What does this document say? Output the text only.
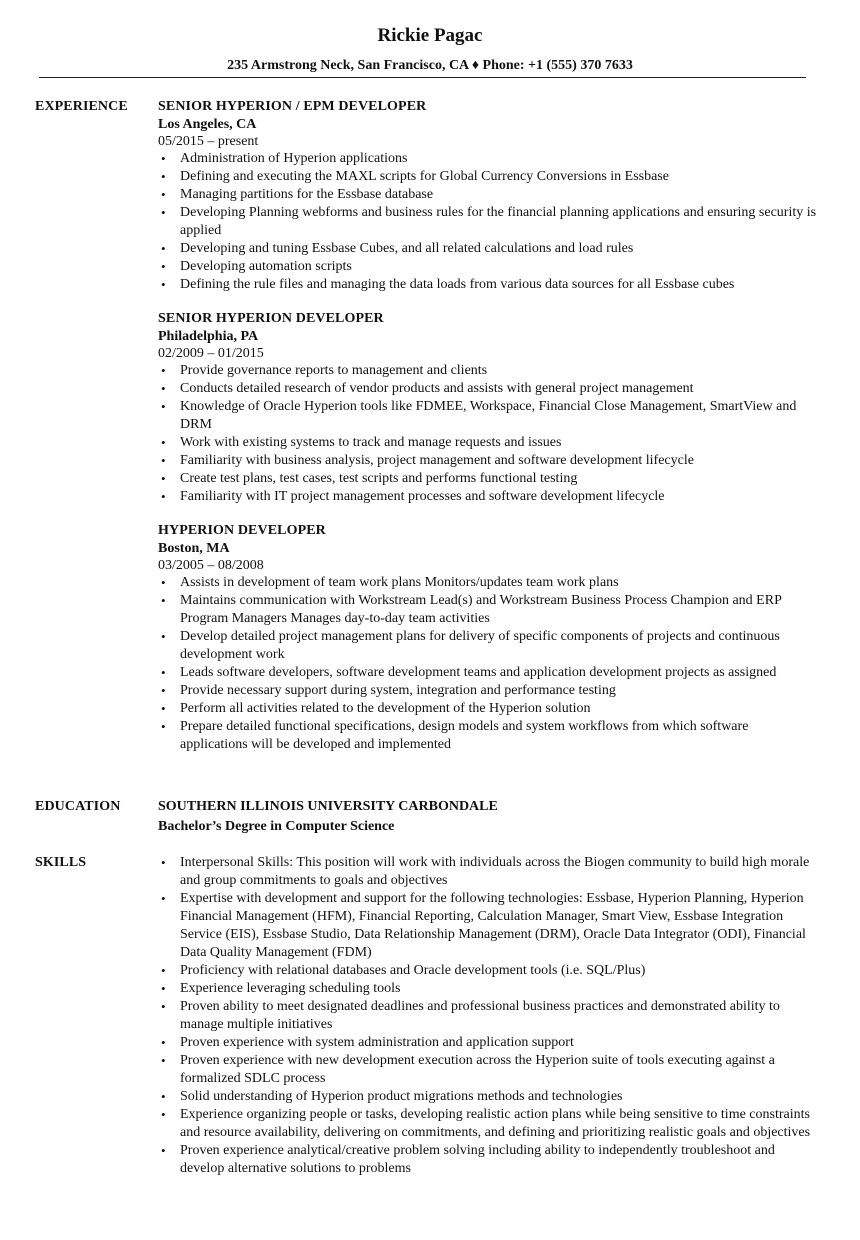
Rickie Pagac
235 Armstrong Neck, San Francisco, CA ♦ Phone: +1 (555) 370 7633
EXPERIENCE SENIOR HYPERION / EPM DEVELOPER
Los Angeles, CA
05/2015 – present
• Administration of Hyperion applications
• Defining and executing the MAXL scripts for Global Currency Conversions in Essbase
• Managing partitions for the Essbase database
• Developing Planning webforms and business rules for the financial planning applications and ensuring security is applied
• Developing and tuning Essbase Cubes, and all related calculations and load rules
• Developing automation scripts
• Defining the rule files and managing the data loads from various data sources for all Essbase cubes
SENIOR HYPERION DEVELOPER
Philadelphia, PA
02/2009 – 01/2015
• Provide governance reports to management and clients
• Conducts detailed research of vendor products and assists with general project management
• Knowledge of Oracle Hyperion tools like FDMEE, Workspace, Financial Close Management, SmartView and DRM
• Work with existing systems to track and manage requests and issues
• Familiarity with business analysis, project management and software development lifecycle
• Create test plans, test cases, test scripts and performs functional testing
• Familiarity with IT project management processes and software development lifecycle
HYPERION DEVELOPER
Boston, MA
03/2005 – 08/2008
• Assists in development of team work plans Monitors/updates team work plans
• Maintains communication with Workstream Lead(s) and Workstream Business Process Champion and ERP Program Managers Manages day-to-day team activities
• Develop detailed project management plans for delivery of specific components of projects and continuous development work
• Leads software developers, software development teams and application development projects as assigned
• Provide necessary support during system, integration and performance testing
• Perform all activities related to the development of the Hyperion solution
• Prepare detailed functional specifications, design models and system workflows from which software applications will be developed and implemented
EDUCATION	SOUTHERN ILLINOIS UNIVERSITY CARBONDALE
Bachelor’s Degree in Computer Science
SKILLS	• Interpersonal Skills: This position will work with individuals across the Biogen community to build high morale and group commitments to goals and objectives
• Expertise with development and support for the following technologies: Essbase, Hyperion Planning, Hyperion Financial Management (HFM), Financial Reporting, Calculation Manager, Smart View, Essbase Integration Service (EIS), Essbase Studio, Data Relationship Management (DRM), Oracle Data Integrator (ODI), Financial Data Quality Management (FDM)
• Proficiency with relational databases and Oracle development tools (i.e. SQL/Plus)
• Experience leveraging scheduling tools
• Proven ability to meet designated deadlines and professional business practices and demonstrated ability to manage multiple initiatives
• Proven experience with system administration and application support
• Proven experience with new development execution across the Hyperion suite of tools executing against a formalized SDLC process
• Solid understanding of Hyperion product migrations methods and technologies
• Experience organizing people or tasks, developing realistic action plans while being sensitive to time constraints and resource availability, delivering on commitments, and defining and prioritizing realistic goals and objectives
• Proven experience analytical/creative problem solving including ability to independently troubleshoot and develop alternative solutions to problems
